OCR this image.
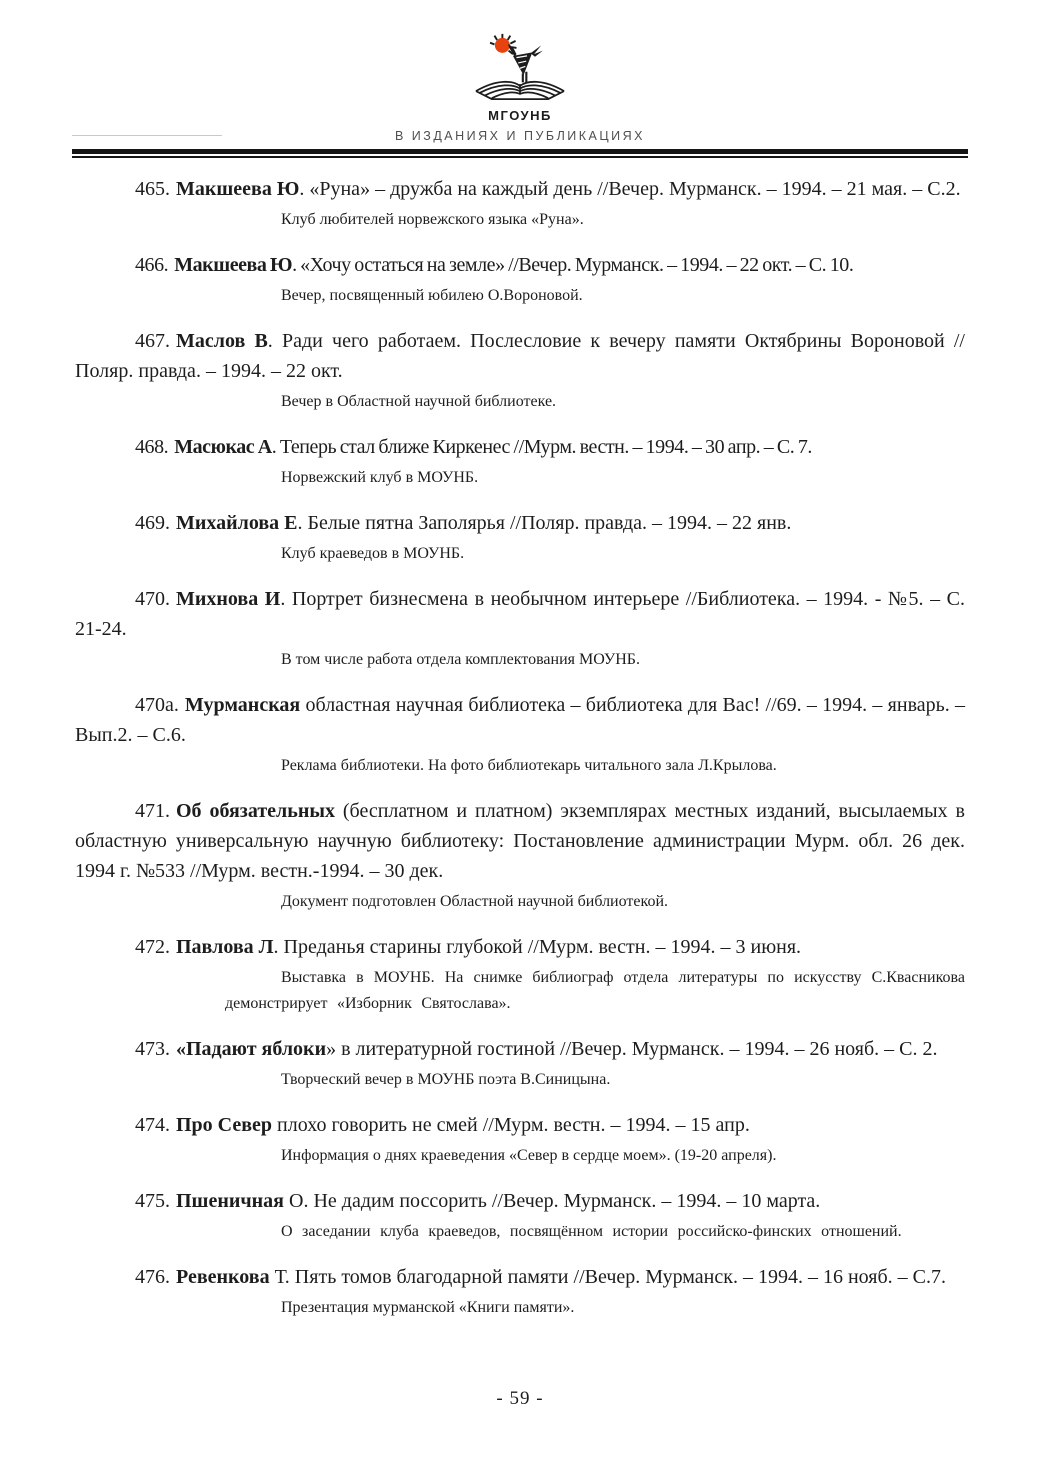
МГОУНБ
В ИЗДАНИЯХ И ПУБЛИКАЦИЯХ

465. Макшеева Ю. «Руна» – дружба на каждый день //Вечер. Мурманск. – 1994. – 21 мая. – С.2.

Клуб любителей норвежского языка «Руна».

466. Макшеева Ю. «Хочу остаться на земле» //Вечер. Мурманск. – 1994. – 22 окт. – С. 10.

Вечер, посвященный юбилею О.Вороновой.

467. Маслов В. Ради чего работаем. Послесловие к вечеру памяти Октябрины Вороновой //Поляр. правда. – 1994. – 22 окт.

Вечер в Областной научной библиотеке.

468. Масюкас А. Теперь стал ближе Киркенес //Мурм. вестн. – 1994. – 30 апр. – С. 7.

Норвежский клуб в МОУНБ.

469. Михайлова Е. Белые пятна Заполярья //Поляр. правда. – 1994. – 22 янв.

Клуб краеведов в МОУНБ.

470. Михнова И. Портрет бизнесмена в необычном интерьере //Библиотека. – 1994. - №5. – С. 21-24.

В том числе работа отдела комплектования МОУНБ.

470а. Мурманская областная научная библиотека – библиотека для Вас! //69. – 1994. – январь. – Вып.2. – С.6.

Реклама библиотеки. На фото библиотекарь читального зала Л.Крылова.

471. Об обязательных (бесплатном и платном) экземплярах местных изданий, высылаемых в областную универсальную научную библиотеку: Постановление администрации Мурм. обл. 26 дек. 1994 г. №533 //Мурм. вестн.-1994. – 30 дек.

Документ подготовлен Областной научной библиотекой.

472. Павлова Л. Преданья старины глубокой //Мурм. вестн. – 1994. – 3 июня.

Выставка в МОУНБ. На снимке библиограф отдела литературы по искусству С.Квасникова демонстрирует «Изборник Святослава».

473. «Падают яблоки» в литературной гостиной //Вечер. Мурманск. – 1994. – 26 нояб. – С. 2.

Творческий вечер в МОУНБ поэта В.Синицына.

474. Про Север плохо говорить не смей //Мурм. вестн. – 1994. – 15 апр.

Информация о днях краеведения «Север в сердце моем». (19-20 апреля).

475. Пшеничная О. Не дадим поссорить //Вечер. Мурманск. – 1994. – 10 марта.

О заседании клуба краеведов, посвящённом истории российско-финских отношений.

476. Ревенкова Т. Пять томов благодарной памяти //Вечер. Мурманск. – 1994. – 16 нояб. – С.7.

Презентация мурманской «Книги памяти».

- 59 -
